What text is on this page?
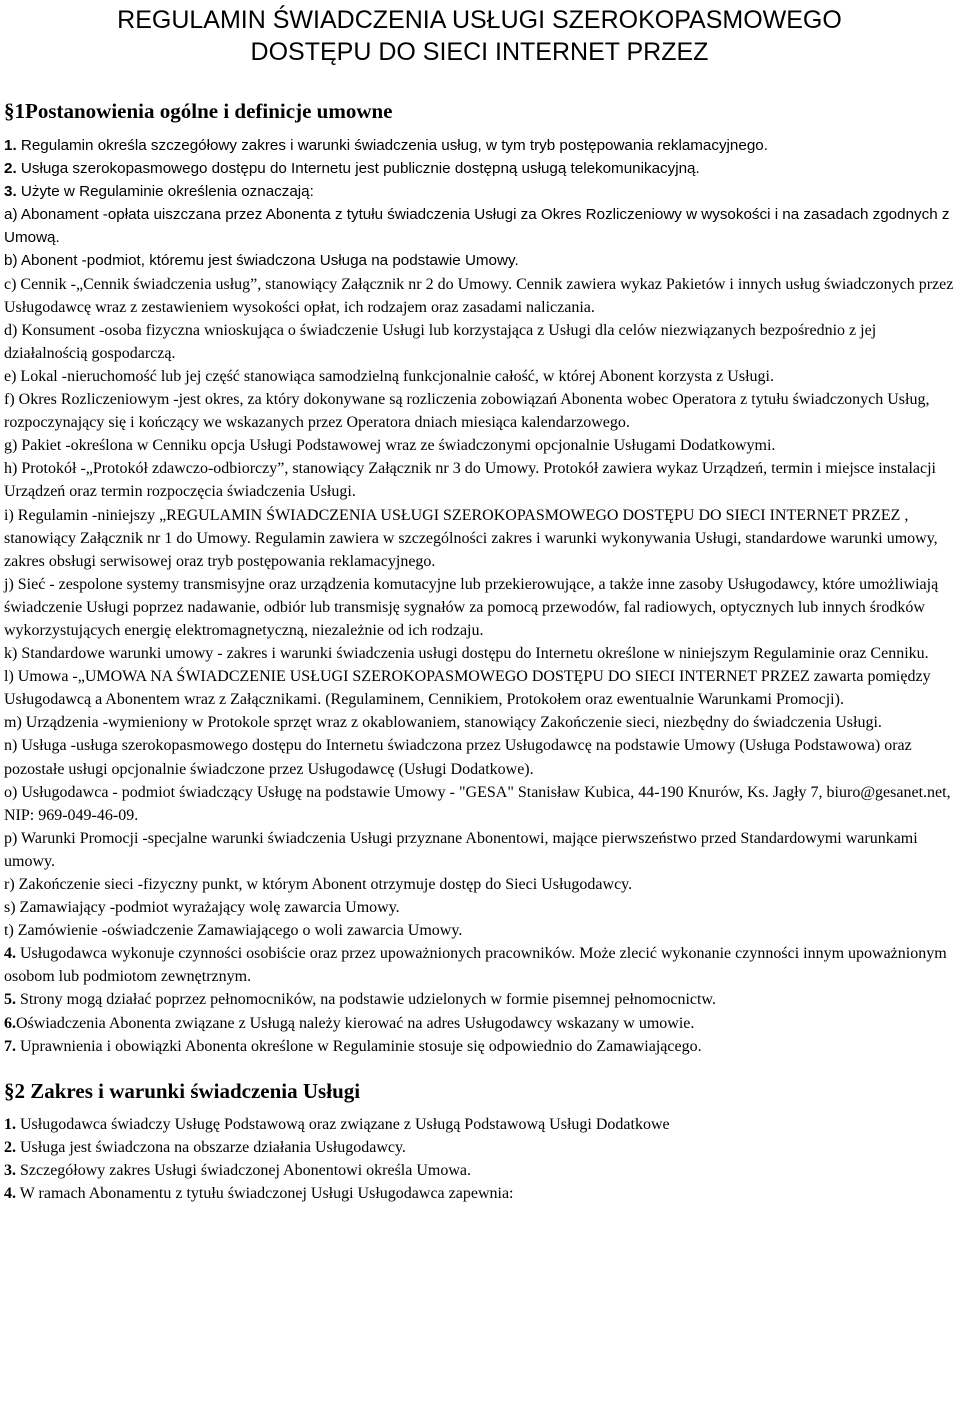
REGULAMIN ŚWIADCZENIA USŁUGI SZEROKOPASMOWEGO
DOSTĘPU DO SIECI INTERNET PRZEZ
§1Postanowienia ogólne i definicje umowne

1. Regulamin określa szczegółowy zakres i warunki świadczenia usług, w tym tryb postępowania reklamacyjnego.

2. Usługa szerokopasmowego dostępu do Internetu jest publicznie dostępną usługą telekomunikacyjną.

3. Użyte w Regulaminie określenia oznaczają:

a) Abonament -opłata uiszczana przez Abonenta z tytułu świadczenia Usługi za Okres Rozliczeniowy w wysokości i na zasadach zgodnych z Umową.

b) Abonent -podmiot, któremu jest świadczona Usługa na podstawie Umowy.

c) Cennik -„Cennik świadczenia usług”, stanowiący Załącznik nr 2 do Umowy. Cennik zawiera wykaz Pakietów i innych usług świadczonych przez Usługodawcę wraz z zestawieniem wysokości opłat, ich rodzajem oraz zasadami naliczania.

d) Konsument -osoba fizyczna wnioskująca o świadczenie Usługi lub korzystająca z Usługi dla celów niezwiązanych bezpośrednio z jej działalnością gospodarczą.

e) Lokal -nieruchomość lub jej część stanowiąca samodzielną funkcjonalnie całość, w której Abonent korzysta z Usługi.

f) Okres Rozliczeniowym -jest okres, za który dokonywane są rozliczenia zobowiązań Abonenta wobec Operatora z tytułu świadczonych Usług, rozpoczynający się i kończący we wskazanych przez Operatora dniach miesiąca kalendarzowego.

g) Pakiet -określona w Cenniku opcja Usługi Podstawowej wraz ze świadczonymi opcjonalnie Usługami Dodatkowymi.

h) Protokół -„Protokół zdawczo-odbiorczy”, stanowiący Załącznik nr 3 do Umowy. Protokół zawiera wykaz Urządzeń, termin i miejsce instalacji Urządzeń oraz termin rozpoczęcia świadczenia Usługi.

i) Regulamin -niniejszy „REGULAMIN ŚWIADCZENIA USŁUGI SZEROKOPASMOWEGO DOSTĘPU DO SIECI INTERNET PRZEZ , stanowiący Załącznik nr 1 do Umowy. Regulamin zawiera w szczególności zakres i warunki wykonywania Usługi, standardowe warunki umowy, zakres obsługi serwisowej oraz tryb postępowania reklamacyjnego.

j) Sieć - zespolone systemy transmisyjne oraz urządzenia komutacyjne lub przekierowujące, a także inne zasoby Usługodawcy, które umożliwiają świadczenie Usługi poprzez nadawanie, odbiór lub transmisję sygnałów za pomocą przewodów, fal radiowych, optycznych lub innych środków wykorzystujących energię elektromagnetyczną, niezależnie od ich rodzaju.

k) Standardowe warunki umowy - zakres i warunki świadczenia usługi dostępu do Internetu określone w niniejszym Regulaminie oraz Cenniku.

l) Umowa -„UMOWA NA ŚWIADCZENIE USŁUGI SZEROKOPASMOWEGO DOSTĘPU DO SIECI INTERNET PRZEZ zawarta pomiędzy Usługodawcą a Abonentem wraz z Załącznikami. (Regulaminem, Cennikiem, Protokołem oraz ewentualnie Warunkami Promocji).

m) Urządzenia -wymieniony w Protokole sprzęt wraz z okablowaniem, stanowiący Zakończenie sieci, niezbędny do świadczenia Usługi.

n) Usługa -usługa szerokopasmowego dostępu do Internetu świadczona przez Usługodawcę na podstawie Umowy (Usługa Podstawowa) oraz pozostałe usługi opcjonalnie świadczone przez Usługodawcę (Usługi Dodatkowe).

o) Usługodawca - podmiot świadczący Usługę na podstawie Umowy - "GESA" Stanisław Kubica, 44-190 Knurów, Ks. Jagły 7, biuro@gesanet.net, NIP: 969-049-46-09.

p) Warunki Promocji -specjalne warunki świadczenia Usługi przyznane Abonentowi, mające pierwszeństwo przed Standardowymi warunkami umowy.

r) Zakończenie sieci -fizyczny punkt, w którym Abonent otrzymuje dostęp do Sieci Usługodawcy.

s) Zamawiający -podmiot wyrażający wolę zawarcia Umowy.

t) Zamówienie -oświadczenie Zamawiającego o woli zawarcia Umowy.

4. Usługodawca wykonuje czynności osobiście oraz przez upoważnionych pracowników. Może zlecić wykonanie czynności innym upoważnionym osobom lub podmiotom zewnętrznym.

5. Strony mogą działać poprzez pełnomocników, na podstawie udzielonych w formie pisemnej pełnomocnictw.

6.Oświadczenia Abonenta związane z Usługą należy kierować na adres Usługodawcy wskazany w umowie.

7. Uprawnienia i obowiązki Abonenta określone w Regulaminie stosuje się odpowiednio do Zamawiającego.

§2 Zakres i warunki świadczenia Usługi

1. Usługodawca świadczy Usługę Podstawową oraz związane z Usługą Podstawową Usługi Dodatkowe

2. Usługa jest świadczona na obszarze działania Usługodawcy.

3. Szczegółowy zakres Usługi świadczonej Abonentowi określa Umowa.

4. W ramach Abonamentu z tytułu świadczonej Usługi Usługodawca zapewnia:
